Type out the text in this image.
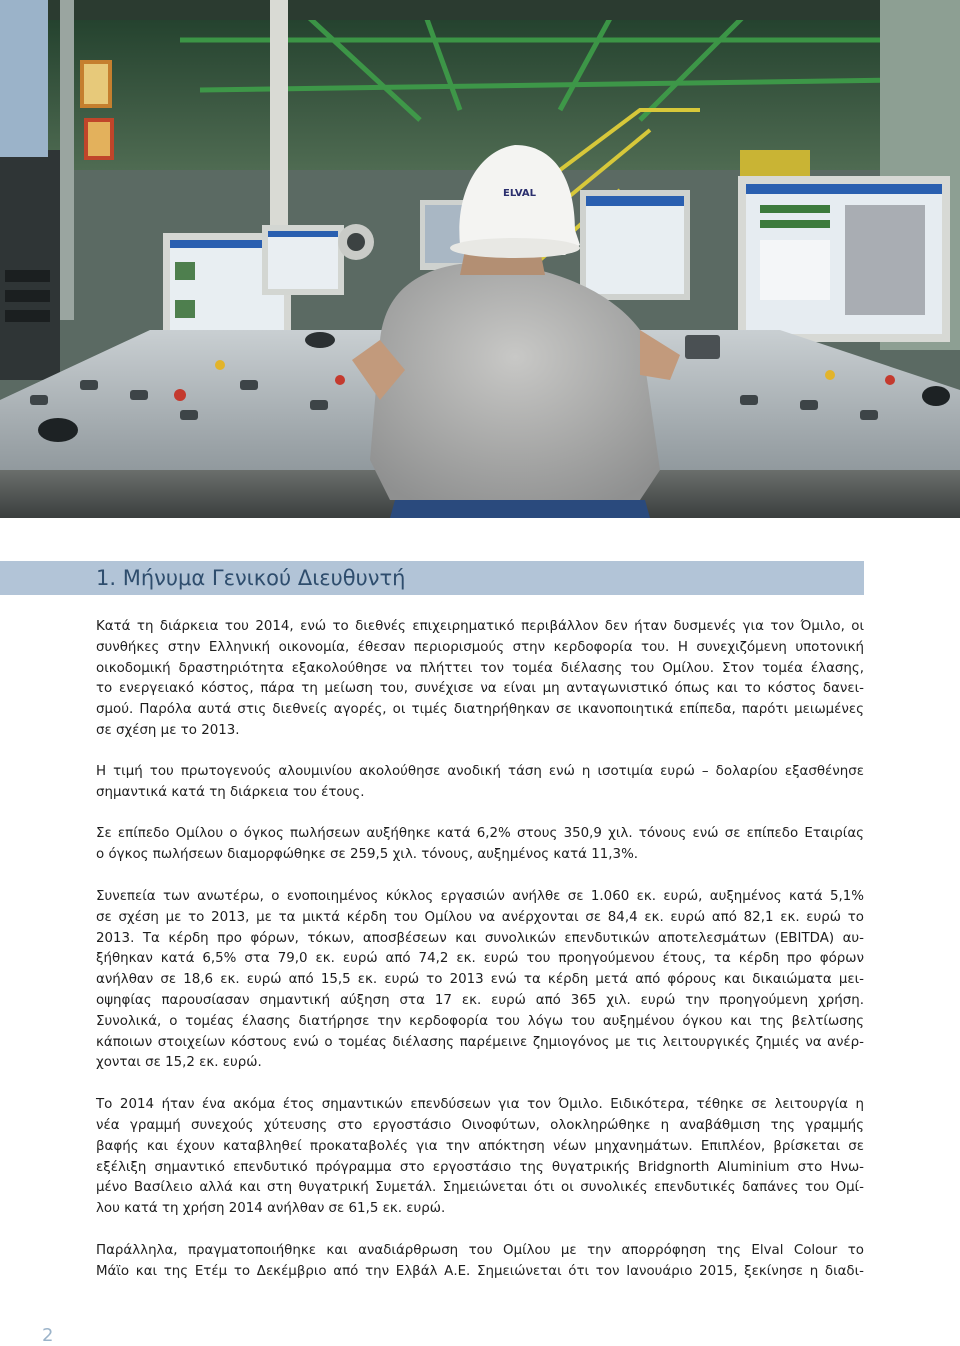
ELVAL
1. Μήνυμα Γενικού Διευθυντή
Κατά τη διάρκεια του 2014, ενώ το διεθνές επιχειρηματικό περιβάλλον δεν ήταν δυσμενές για τον Όμιλο, οι
συνθήκες στην Ελληνική οικονομία, έθεσαν περιορισμούς στην κερδοφορία του. Η συνεχιζόμενη υποτονική
οικοδομική δραστηριότητα εξακολούθησε να πλήττει τον τομέα διέλασης του Ομίλου. Στον τομέα έλασης,
το ενεργειακό κόστος, πάρα τη μείωση του, συνέχισε να είναι μη ανταγωνιστικό όπως και το κόστος δανει-
σμού. Παρόλα αυτά στις διεθνείς αγορές, οι τιμές διατηρήθηκαν σε ικανοποιητικά επίπεδα, παρότι μειωμένες
σε σχέση με το 2013.
Η τιμή του πρωτογενούς αλουμινίου ακολούθησε ανοδική τάση ενώ η ισοτιμία ευρώ – δολαρίου εξασθένησε
σημαντικά κατά τη διάρκεια του έτους.
Σε επίπεδο Ομίλου ο όγκος πωλήσεων αυξήθηκε κατά 6,2% στους 350,9 χιλ. τόνους ενώ σε επίπεδο Εταιρίας
ο όγκος πωλήσεων διαμορφώθηκε σε 259,5 χιλ. τόνους, αυξημένος κατά 11,3%.
Συνεπεία των ανωτέρω, ο ενοποιημένος κύκλος εργασιών ανήλθε σε 1.060 εκ. ευρώ, αυξημένος κατά 5,1%
σε σχέση με το 2013, με τα μικτά κέρδη του Ομίλου να ανέρχονται σε 84,4 εκ. ευρώ από 82,1 εκ. ευρώ το
2013. Τα κέρδη προ φόρων, τόκων, αποσβέσεων και συνολικών επενδυτικών αποτελεσμάτων (EBITDA) αυ-
ξήθηκαν κατά 6,5% στα 79,0 εκ. ευρώ από 74,2 εκ. ευρώ του προηγούμενου έτους, τα κέρδη προ φόρων
ανήλθαν σε 18,6 εκ. ευρώ από 15,5 εκ. ευρώ το 2013 ενώ τα κέρδη μετά από φόρους και δικαιώματα μει-
οψηφίας παρουσίασαν σημαντική αύξηση στα 17 εκ. ευρώ από 365 χιλ. ευρώ την προηγούμενη χρήση.
Συνολικά, ο τομέας έλασης διατήρησε την κερδοφορία του λόγω του αυξημένου όγκου και της βελτίωσης
κάποιων στοιχείων κόστους ενώ ο τομέας διέλασης παρέμεινε ζημιογόνος με τις λειτουργικές ζημιές να ανέρ-
χονται σε 15,2 εκ. ευρώ.
Το 2014 ήταν ένα ακόμα έτος σημαντικών επενδύσεων για τον Όμιλο. Ειδικότερα, τέθηκε σε λειτουργία η
νέα γραμμή συνεχούς χύτευσης στο εργοστάσιο Οινοφύτων, ολοκληρώθηκε η αναβάθμιση της γραμμής
βαφής και έχουν καταβληθεί προκαταβολές για την απόκτηση νέων μηχανημάτων. Επιπλέον, βρίσκεται σε
εξέλιξη σημαντικό επενδυτικό πρόγραμμα στο εργοστάσιο της θυγατρικής Bridgnorth Aluminium στο Ηνω-
μένο Βασίλειο αλλά και στη θυγατρική Συμετάλ. Σημειώνεται ότι οι συνολικές επενδυτικές δαπάνες του Ομί-
λου κατά τη χρήση 2014 ανήλθαν σε 61,5 εκ. ευρώ.
Παράλληλα, πραγματοποιήθηκε και αναδιάρθρωση του Ομίλου με την απορρόφηση της Elval Colour το
Μάϊο και της Ετέμ το Δεκέμβριο από την Ελβάλ Α.Ε. Σημειώνεται ότι τον Ιανουάριο 2015, ξεκίνησε η διαδι-
2
